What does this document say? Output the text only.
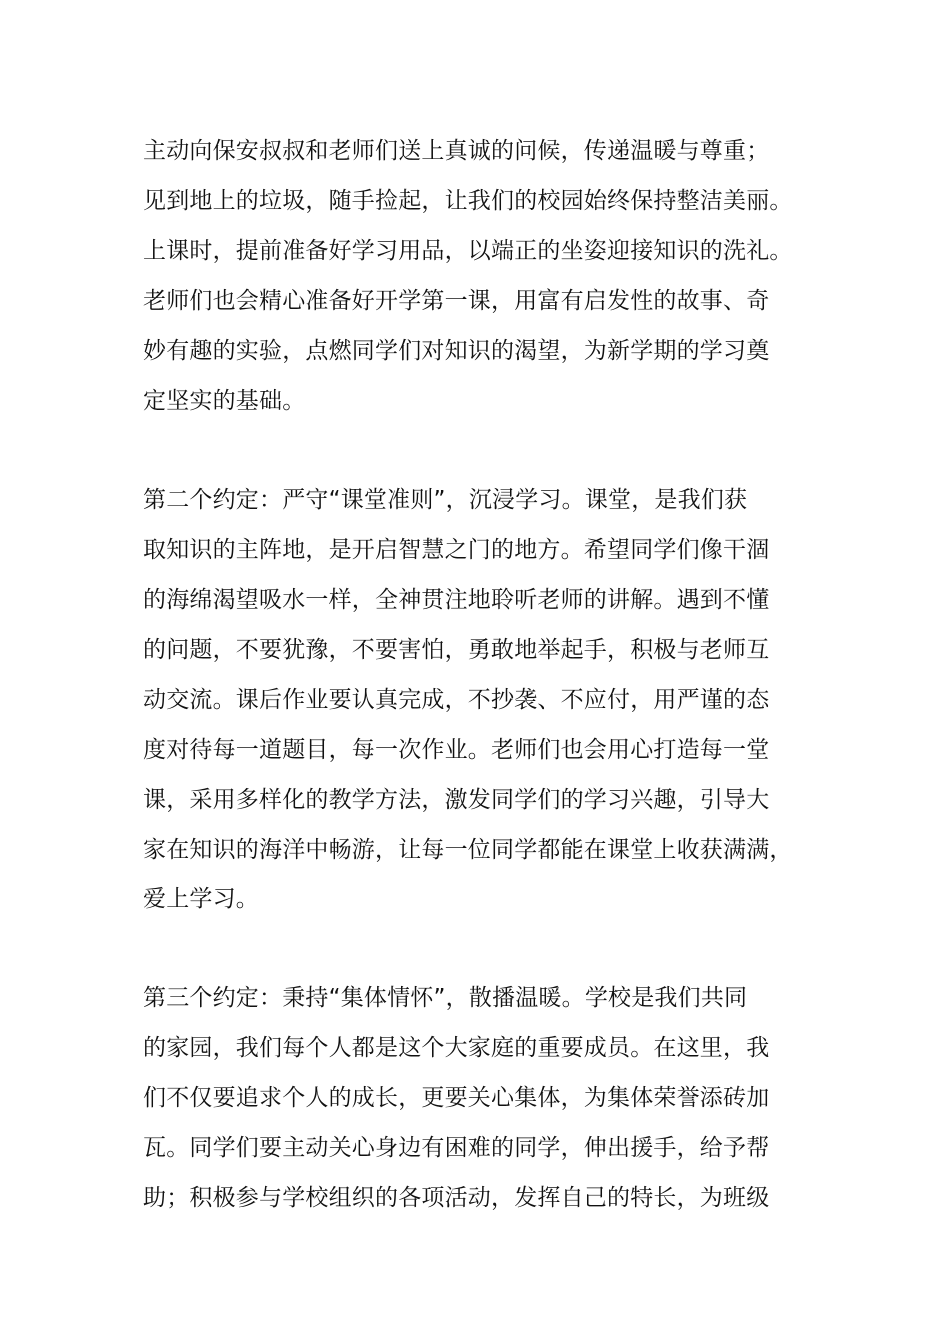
主动向保安叔叔和老师们送上真诚的问候，传递温暖与尊重；

见到地上的垃圾，随手捡起，让我们的校园始终保持整洁美丽。

上课时，提前准备好学习用品，以端正的坐姿迎接知识的洗礼。

老师们也会精心准备好开学第一课，用富有启发性的故事、奇

妙有趣的实验，点燃同学们对知识的渴望，为新学期的学习奠

定坚实的基础。

第二个约定：严守“课堂准则”，沉浸学习。课堂，是我们获

取知识的主阵地，是开启智慧之门的地方。希望同学们像干涸

的海绵渴望吸水一样，全神贯注地聆听老师的讲解。遇到不懂

的问题，不要犹豫，不要害怕，勇敢地举起手，积极与老师互

动交流。课后作业要认真完成，不抄袭、不应付，用严谨的态

度对待每一道题目，每一次作业。老师们也会用心打造每一堂

课，采用多样化的教学方法，激发同学们的学习兴趣，引导大

家在知识的海洋中畅游，让每一位同学都能在课堂上收获满满，

爱上学习。

第三个约定：秉持“集体情怀”，散播温暖。学校是我们共同

的家园，我们每个人都是这个大家庭的重要成员。在这里，我

们不仅要追求个人的成长，更要关心集体，为集体荣誉添砖加

瓦。同学们要主动关心身边有困难的同学，伸出援手，给予帮

助；积极参与学校组织的各项活动，发挥自己的特长，为班级
